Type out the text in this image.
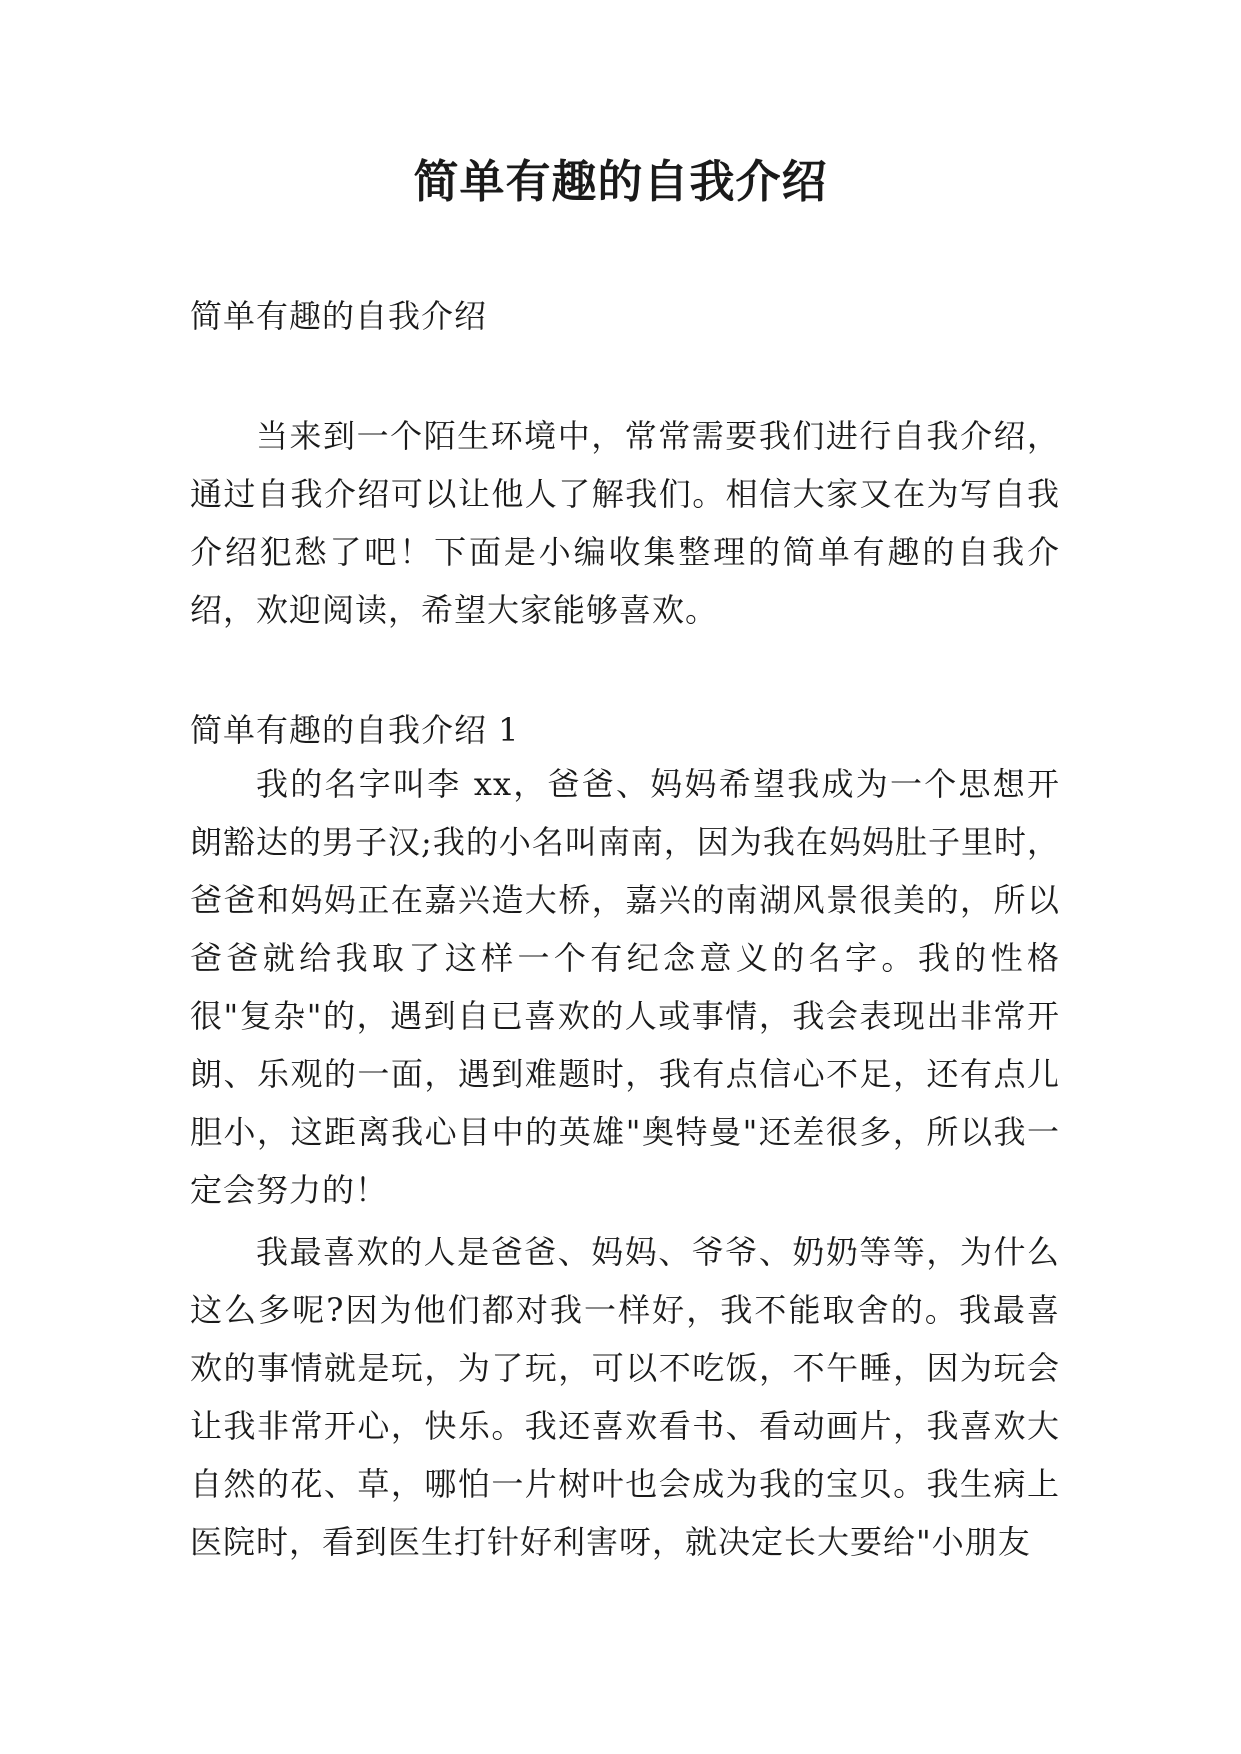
简单有趣的自我介绍

简单有趣的自我介绍

当来到一个陌生环境中，常常需要我们进行自我介绍，通过自我介绍可以让他人了解我们。相信大家又在为写自我介绍犯愁了吧！下面是小编收集整理的简单有趣的自我介绍，欢迎阅读，希望大家能够喜欢。

简单有趣的自我介绍 1

我的名字叫李 xx，爸爸、妈妈希望我成为一个思想开朗豁达的男子汉;我的小名叫南南，因为我在妈妈肚子里时，爸爸和妈妈正在嘉兴造大桥，嘉兴的南湖风景很美的，所以爸爸就给我取了这样一个有纪念意义的名字。我的性格很"复杂"的，遇到自已喜欢的人或事情，我会表现出非常开朗、乐观的一面，遇到难题时，我有点信心不足，还有点儿胆小，这距离我心目中的英雄"奥特曼"还差很多，所以我一定会努力的！

我最喜欢的人是爸爸、妈妈、爷爷、奶奶等等，为什么这么多呢?因为他们都对我一样好，我不能取舍的。我最喜欢的事情就是玩，为了玩，可以不吃饭，不午睡，因为玩会让我非常开心，快乐。我还喜欢看书、看动画片，我喜欢大自然的花、草，哪怕一片树叶也会成为我的宝贝。我生病上医院时，看到医生打针好利害呀，就决定长大要给"小朋友
